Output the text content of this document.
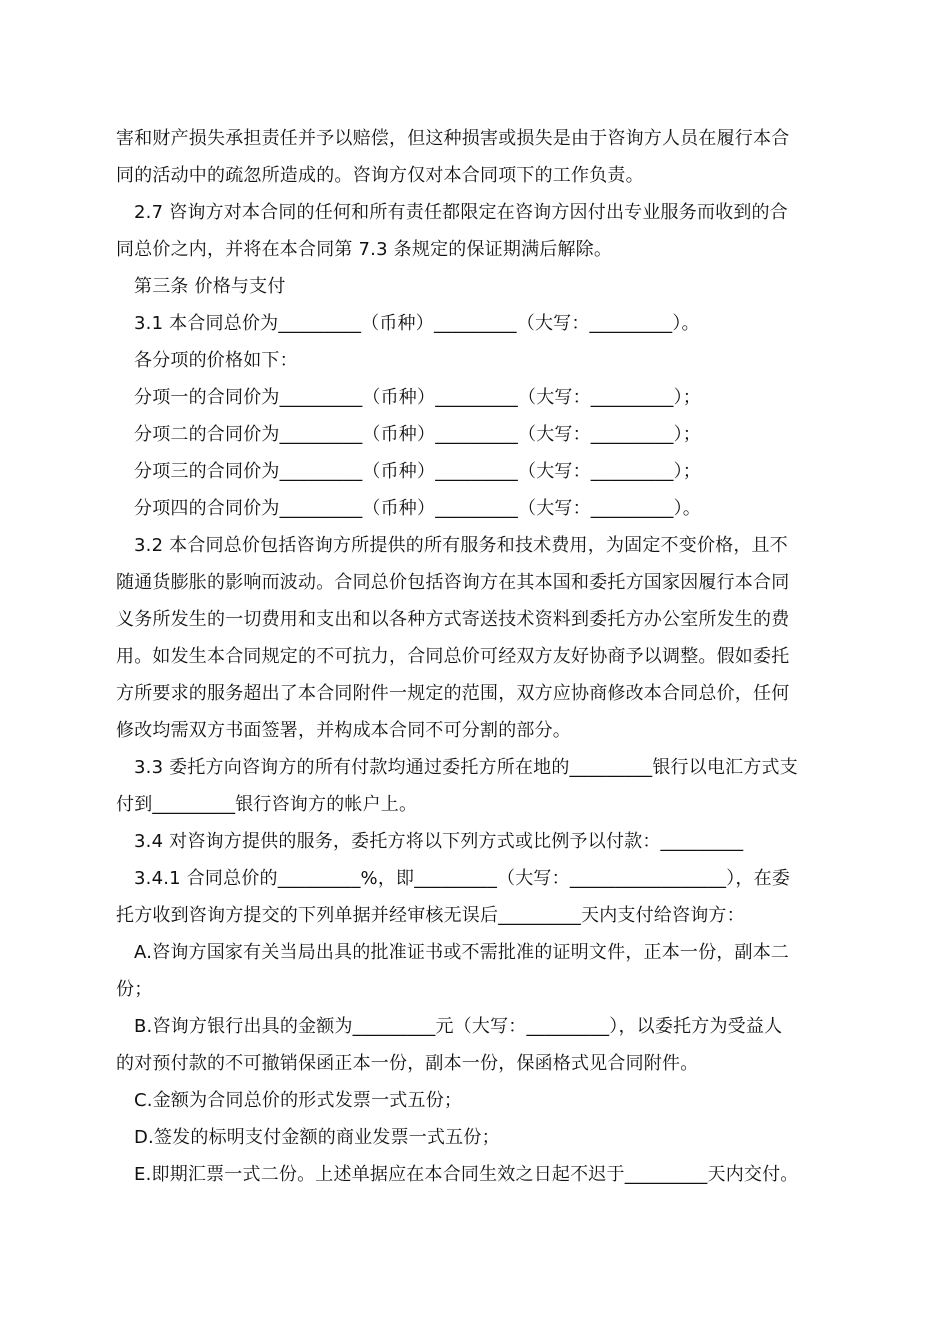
害和财产损失承担责任并予以赔偿，但这种损害或损失是由于咨询方人员在履行本合
同的活动中的疏忽所造成的。咨询方仅对本合同项下的工作负责。
2.7 咨询方对本合同的任何和所有责任都限定在咨询方因付出专业服务而收到的合
同总价之内，并将在本合同第 7.3 条规定的保证期满后解除。
第三条 价格与支付
3.1 本合同总价为_________（币种）_________（大写：_________）。
各分项的价格如下：
分项一的合同价为_________（币种）_________（大写：_________）；
分项二的合同价为_________（币种）_________（大写：_________）；
分项三的合同价为_________（币种）_________（大写：_________）；
分项四的合同价为_________（币种）_________（大写：_________）。
3.2 本合同总价包括咨询方所提供的所有服务和技术费用，为固定不变价格，且不
随通货膨胀的影响而波动。合同总价包括咨询方在其本国和委托方国家因履行本合同
义务所发生的一切费用和支出和以各种方式寄送技术资料到委托方办公室所发生的费
用。如发生本合同规定的不可抗力，合同总价可经双方友好协商予以调整。假如委托
方所要求的服务超出了本合同附件一规定的范围，双方应协商修改本合同总价，任何
修改均需双方书面签署，并构成本合同不可分割的部分。
3.3 委托方向咨询方的所有付款均通过委托方所在地的_________银行以电汇方式支
付到_________银行咨询方的帐户上。
3.4 对咨询方提供的服务，委托方将以下列方式或比例予以付款：_________
3.4.1 合同总价的_________%，即_________（大写：_________________），在委
托方收到咨询方提交的下列单据并经审核无误后_________天内支付给咨询方：
A.咨询方国家有关当局出具的批准证书或不需批准的证明文件，正本一份，副本二
份；
B.咨询方银行出具的金额为_________元（大写：_________），以委托方为受益人
的对预付款的不可撤销保函正本一份，副本一份，保函格式见合同附件。
C.金额为合同总价的形式发票一式五份；
D.签发的标明支付金额的商业发票一式五份；
E.即期汇票一式二份。上述单据应在本合同生效之日起不迟于_________天内交付。
